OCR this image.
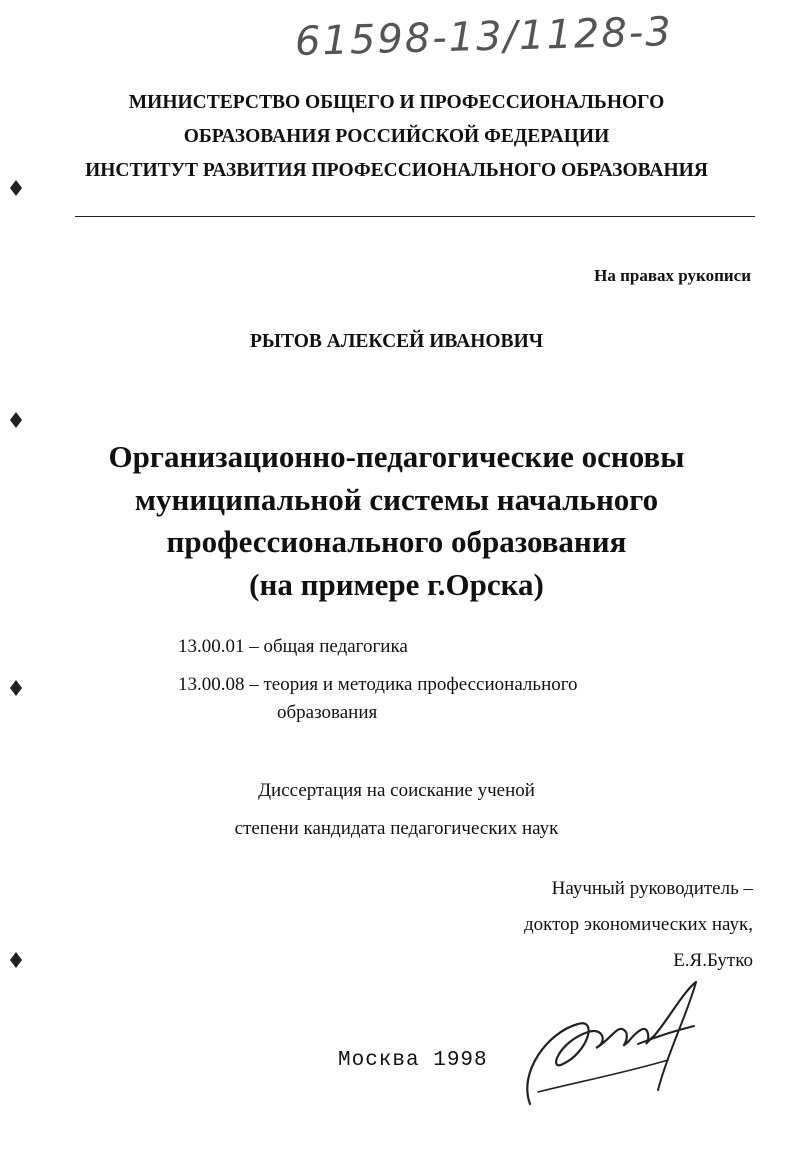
61598-13/1128-3
МИНИСТЕРСТВО ОБЩЕГО И ПРОФЕССИОНАЛЬНОГО
ОБРАЗОВАНИЯ РОССИЙСКОЙ ФЕДЕРАЦИИ
ИНСТИТУТ РАЗВИТИЯ ПРОФЕССИОНАЛЬНОГО ОБРАЗОВАНИЯ
На правах рукописи
РЫТОВ АЛЕКСЕЙ ИВАНОВИЧ
Организационно-педагогические основы
муниципальной системы начального
профессионального образования
(на примере г.Орска)
13.00.01 – общая педагогика
13.00.08 – теория и методика профессионального
образования
Диссертация на соискание ученой
степени кандидата педагогических наук
Научный руководитель –
доктор экономических наук,
Е.Я.Бутко
Москва 1998
